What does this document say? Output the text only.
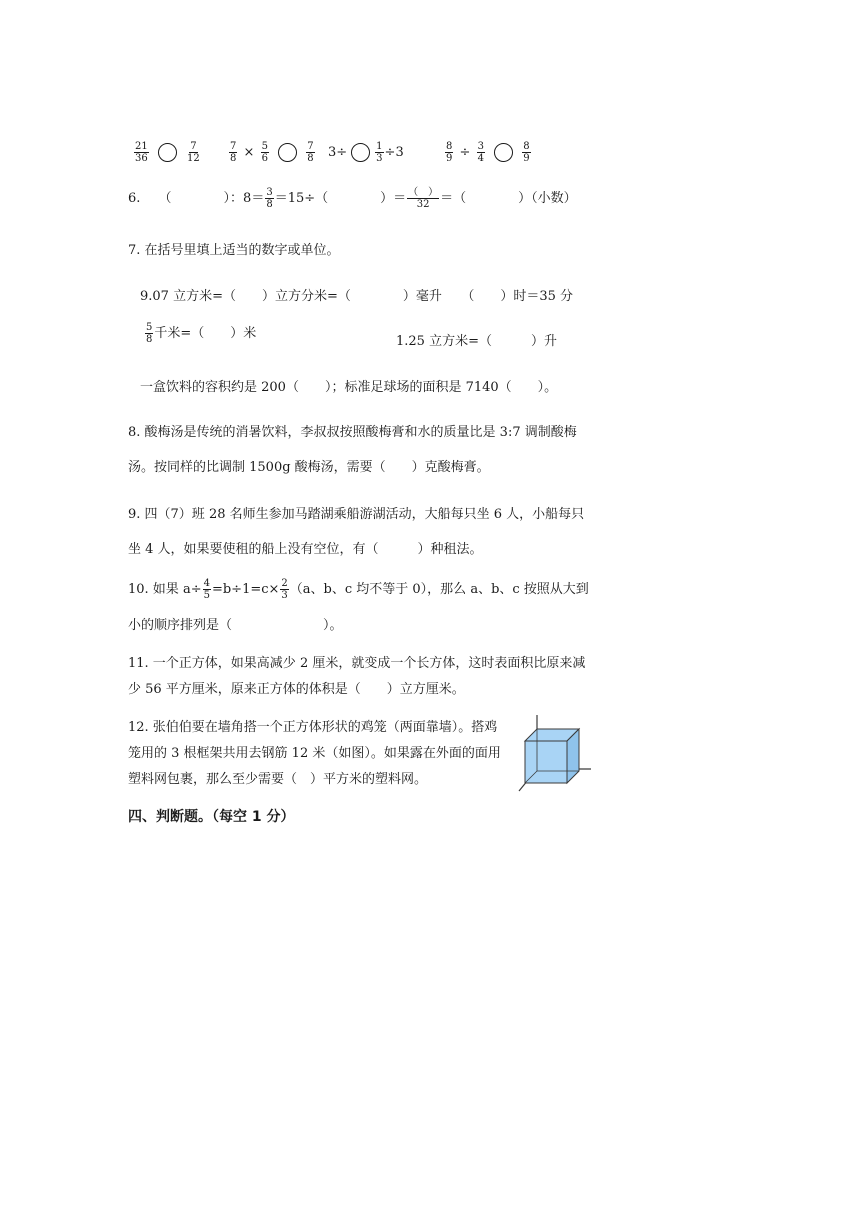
$\frac{21}{36}$
	$\frac{7}{12}$	$\frac{7}{8} \times \frac{5}{6}$
	$\frac{7}{8} 3\div$	$\frac{1}{3} \div 3$	$\frac{8}{9} \div \frac{3}{4}$
	$\frac{8}{9}$
6. （　　　　）：$8= \frac{3}{8} =15\div$（　　　　）＝ $\frac{( )}{32}$ ＝（　　　　）（小数）
7. 在括号里填上适当的数字或单位。
9.07 立方米=（　　）立方分米=（　　　　）毫升　　（　　）时＝35 分
$\frac{5}{8}$ 千米=（　　）米
1.25 立方米=（　　　）升
一盒饮料的容积约是 200（　　）；标准足球场的面积是 7140（　　）。
8. 酸梅汤是传统的消暑饮料，李叔叔按照酸梅膏和水的质量比是 3:7 调制酸梅
汤。按同样的比调制 1500g 酸梅汤，需要（　　）克酸梅膏。
9. 四（7）班 28 名师生参加马踏湖乘船游湖活动，大船每只坐 6 人，小船每只
坐 4 人，如果要使租的船上没有空位，有（　　　）种租法。
10. 如果 $a\div \frac{4}{5} =b\div 1=c\times \frac{2}{3} (a$、b、c 均不等于 0），那么 a、b、c 按照从大到
小的顺序排列是（　　　　　　　）。
11. 一个正方体，如果高减少 2 厘米，就变成一个长方体，这时表面积比原来减
少 56 平方厘米，原来正方体的体积是（　　）立方厘米。
12. 张伯伯要在墙角搭一个正方体形状的鸡笼（两面靠墙）。搭鸡
笼用的 3 根框架共用去钢筋 12 米（如图）。如果露在外面的面用
塑料网包裹，那么至少需要（　）平方米的塑料网。
四、判断题。（每空 1 分）
